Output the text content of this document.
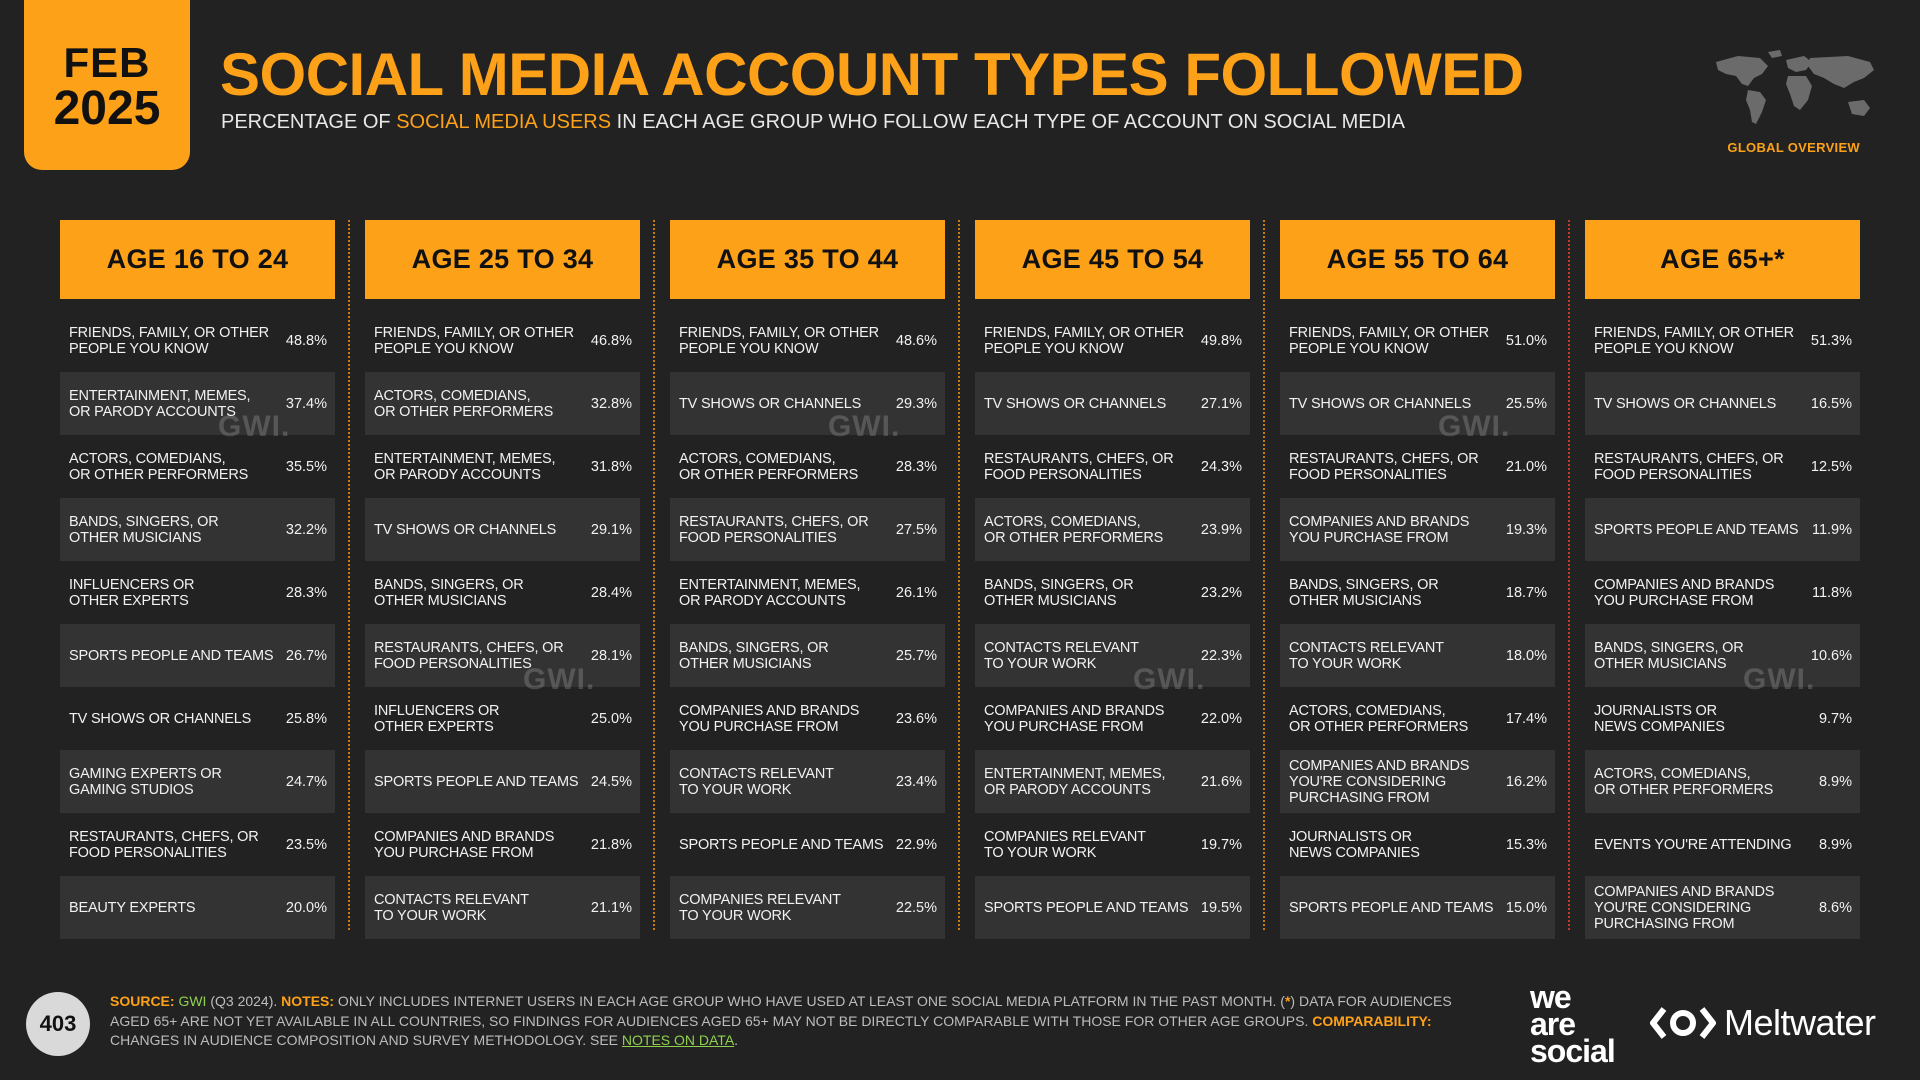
FEB
2025
SOCIAL MEDIA ACCOUNT TYPES FOLLOWED
PERCENTAGE OF SOCIAL MEDIA USERS IN EACH AGE GROUP WHO FOLLOW EACH TYPE OF ACCOUNT ON SOCIAL MEDIA
GLOBAL OVERVIEW
AGE 16 TO 24
FRIENDS, FAMILY, OR OTHER
PEOPLE YOU KNOW	48.8%
ENTERTAINMENT, MEMES,
OR PARODY ACCOUNTS	37.4%
ACTORS, COMEDIANS,
OR OTHER PERFORMERS	35.5%
BANDS, SINGERS, OR
OTHER MUSICIANS	32.2%
INFLUENCERS OR
OTHER EXPERTS	28.3%
SPORTS PEOPLE AND TEAMS 26.7%
TV SHOWS OR CHANNELS 25.8%
GAMING EXPERTS OR
GAMING STUDIOS	24.7%
RESTAURANTS, CHEFS, OR
FOOD PERSONALITIES	23.5%
BEAUTY EXPERTS	20.0%
AGE 25 TO 34
FRIENDS, FAMILY, OR OTHER
PEOPLE YOU KNOW	46.8%
ACTORS, COMEDIANS,
OR OTHER PERFORMERS	32.8%
ENTERTAINMENT, MEMES,
OR PARODY ACCOUNTS	31.8%
TV SHOWS OR CHANNELS 29.1%
BANDS, SINGERS, OR
OTHER MUSICIANS	28.4%
RESTAURANTS, CHEFS, OR
FOOD PERSONALITIES	28.1%
INFLUENCERS OR
OTHER EXPERTS	25.0%
SPORTS PEOPLE AND TEAMS 24.5%
COMPANIES AND BRANDS
YOU PURCHASE FROM	21.8%
CONTACTS RELEVANT
TO YOUR WORK	21.1%
AGE 35 TO 44
FRIENDS, FAMILY, OR OTHER
PEOPLE YOU KNOW	48.6%
TV SHOWS OR CHANNELS 29.3%
ACTORS, COMEDIANS,
OR OTHER PERFORMERS	28.3%
RESTAURANTS, CHEFS, OR
FOOD PERSONALITIES	27.5%
ENTERTAINMENT, MEMES,
OR PARODY ACCOUNTS	26.1%
BANDS, SINGERS, OR
OTHER MUSICIANS	25.7%
COMPANIES AND BRANDS
YOU PURCHASE FROM	23.6%
CONTACTS RELEVANT
TO YOUR WORK	23.4%
SPORTS PEOPLE AND TEAMS 22.9%
COMPANIES RELEVANT
TO YOUR WORK	22.5%
AGE 45 TO 54
FRIENDS, FAMILY, OR OTHER
PEOPLE YOU KNOW	49.8%
TV SHOWS OR CHANNELS 27.1%
RESTAURANTS, CHEFS, OR
FOOD PERSONALITIES	24.3%
ACTORS, COMEDIANS,
OR OTHER PERFORMERS	23.9%
BANDS, SINGERS, OR
OTHER MUSICIANS	23.2%
CONTACTS RELEVANT
TO YOUR WORK	22.3%
COMPANIES AND BRANDS
YOU PURCHASE FROM	22.0%
ENTERTAINMENT, MEMES,
OR PARODY ACCOUNTS	21.6%
COMPANIES RELEVANT
TO YOUR WORK	19.7%
SPORTS PEOPLE AND TEAMS 19.5%
AGE 55 TO 64
FRIENDS, FAMILY, OR OTHER
PEOPLE YOU KNOW	51.0%
TV SHOWS OR CHANNELS 25.5%
RESTAURANTS, CHEFS, OR
FOOD PERSONALITIES	21.0%
COMPANIES AND BRANDS
YOU PURCHASE FROM	19.3%
BANDS, SINGERS, OR
OTHER MUSICIANS	18.7%
CONTACTS RELEVANT
TO YOUR WORK	18.0%
ACTORS, COMEDIANS,
OR OTHER PERFORMERS	17.4%
COMPANIES AND BRANDS
YOU'RE CONSIDERING
PURCHASING FROM
16.2%
JOURNALISTS OR
NEWS COMPANIES	15.3%
SPORTS PEOPLE AND TEAMS 15.0%
AGE 65+*
FRIENDS, FAMILY, OR OTHER
PEOPLE YOU KNOW	51.3%
TV SHOWS OR CHANNELS 16.5%
RESTAURANTS, CHEFS, OR
FOOD PERSONALITIES	12.5%
SPORTS PEOPLE AND TEAMS 11.9%
COMPANIES AND BRANDS
YOU PURCHASE FROM	11.8%
BANDS, SINGERS, OR
OTHER MUSICIANS	10.6%
JOURNALISTS OR
NEWS COMPANIES	9.7%
ACTORS, COMEDIANS,
OR OTHER PERFORMERS	8.9%
EVENTS YOU'RE ATTENDING 8.9%
COMPANIES AND BRANDS
YOU'RE CONSIDERING
PURCHASING FROM
8.6%
GWI.	GWI.	GWI.
GWI.	GWI.	GWI.
403
SOURCE: GWI (Q3 2024). NOTES: ONLY INCLUDES INTERNET USERS IN EACH AGE GROUP WHO HAVE USED AT LEAST ONE SOCIAL MEDIA PLATFORM IN THE PAST MONTH. (*) DATA FOR AUDIENCES AGED 65+ ARE NOT YET AVAILABLE IN ALL COUNTRIES, SO FINDINGS FOR AUDIENCES AGED 65+ MAY NOT BE DIRECTLY COMPARABLE WITH THOSE FOR OTHER AGE GROUPS. COMPARABILITY: CHANGES IN AUDIENCE COMPOSITION AND SURVEY METHODOLOGY. SEE NOTES ON DATA.
we
are
social
Meltwater
